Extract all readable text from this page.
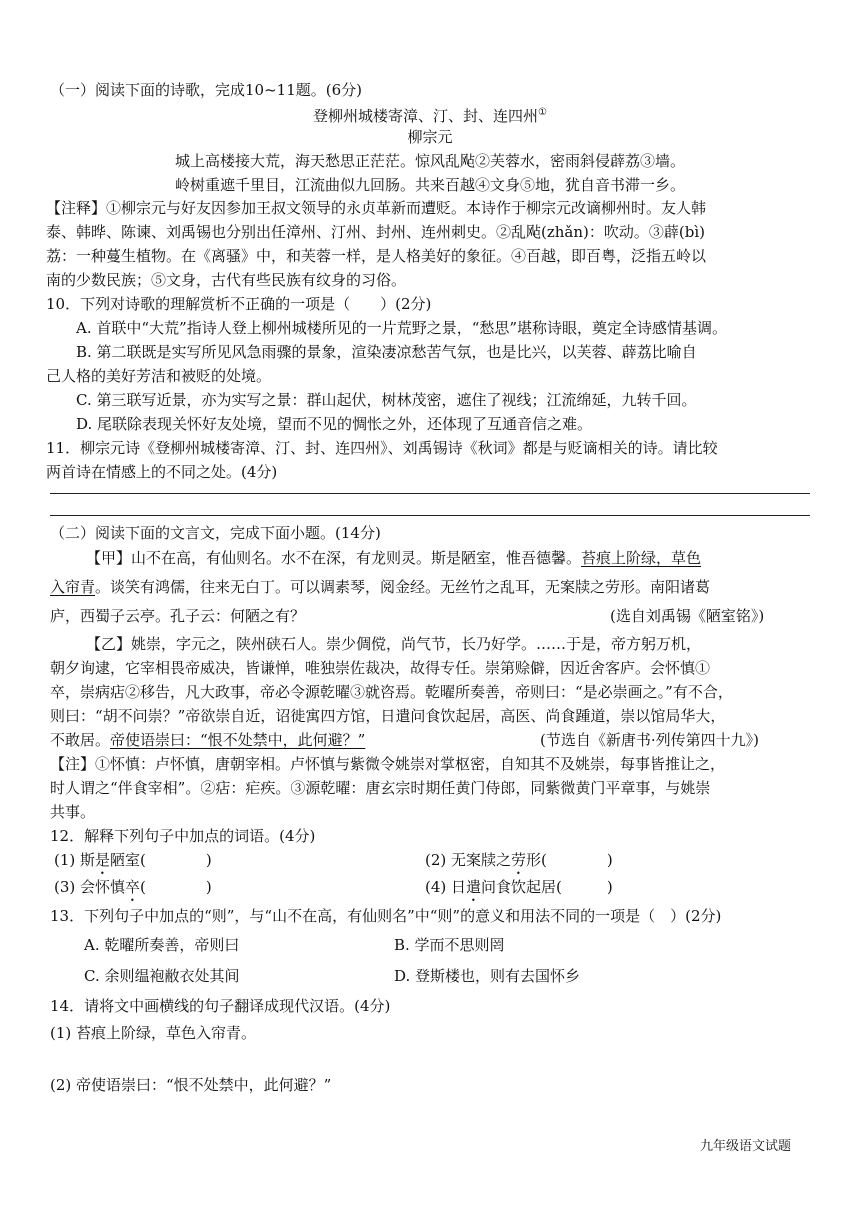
（一）阅读下面的诗歌，完成10~11题。(6分)
登柳州城楼寄漳、汀、封、连四州①
柳宗元
城上高楼接大荒，海天愁思正茫茫。惊风乱飐②芙蓉水，密雨斜侵薜荔③墙。
岭树重遮千里目，江流曲似九回肠。共来百越④文身⑤地，犹自音书滞一乡。
【注释】①柳宗元与好友因参加王叔文领导的永贞革新而遭贬。本诗作于柳宗元改谪柳州时。友人韩
泰、韩晔、陈谏、刘禹锡也分别出任漳州、汀州、封州、连州刺史。②乱飐(zhǎn)：吹动。③薜(bì)
荔：一种蔓生植物。在《离骚》中，和芙蓉一样，是人格美好的象征。④百越，即百粤，泛指五岭以
南的少数民族；⑤文身，古代有些民族有纹身的习俗。
10．下列对诗歌的理解赏析不正确的一项是（　　）(2分)
A. 首联中“大荒”指诗人登上柳州城楼所见的一片荒野之景，“愁思”堪称诗眼，奠定全诗感情基调。
B. 第二联既是实写所见风急雨骤的景象，渲染凄凉愁苦气氛，也是比兴，以芙蓉、薜荔比喻自
己人格的美好芳洁和被贬的处境。
C. 第三联写近景，亦为实写之景：群山起伏，树林茂密，遮住了视线；江流绵延，九转千回。
D. 尾联除表现关怀好友处境，望而不见的惆怅之外，还体现了互通音信之难。
11．柳宗元诗《登柳州城楼寄漳、汀、封、连四州》、刘禹锡诗《秋词》都是与贬谪相关的诗。请比较
两首诗在情感上的不同之处。(4分)
（二）阅读下面的文言文，完成下面小题。(14分)
【甲】山不在高，有仙则名。水不在深，有龙则灵。斯是陋室，惟吾德馨。苔痕上阶绿，草色
入帘青。谈笑有鸿儒，往来无白丁。可以调素琴，阅金经。无丝竹之乱耳，无案牍之劳形。南阳诸葛
庐，西蜀子云亭。孔子云：何陋之有？	(选自刘禹锡《陋室铭》)
【乙】姚崇，字元之，陕州硖石人。崇少倜傥，尚气节，长乃好学。……于是，帝方躬万机，
朝夕询逮，它宰相畏帝威决，皆谦惮，唯独崇佐裁决，故得专任。崇第赊僻，因近舍客庐。会怀慎①
卒，崇病痁②移告，凡大政事，帝必令源乾曜③就咨焉。乾曜所奏善，帝则曰：“是必崇画之。”有不合，
则曰：“胡不问崇？”帝欲崇自近，诏徙寓四方馆，日遣问食饮起居，高医、尚食踵道，崇以馆局华大，
不敢居。帝使语崇曰：“恨不处禁中，此何避？”	(节选自《新唐书·列传第四十九》)
【注】①怀慎：卢怀慎，唐朝宰相。卢怀慎与紫微令姚崇对掌枢密，自知其不及姚崇，每事皆推让之，
时人谓之“伴食宰相”。②痁：疟疾。③源乾曜：唐玄宗时期任黄门侍郎，同紫微黄门平章事，与姚崇
共事。
12．解释下列句子中加点的词语。(4分)
(1) 斯是陋室(　　　　)	(2) 无案牍之劳形(　　　　)
(3) 会怀慎卒(　　　　)	(4) 日遣问食饮起居(　　　)
13．下列句子中加点的“则”，与“山不在高，有仙则名”中“则”的意义和用法不同的一项是（　）(2分)
A. 乾曜所奏善，帝则曰	B. 学而不思则罔
C. 余则缊袍敝衣处其间	D. 登斯楼也，则有去国怀乡
14．请将文中画横线的句子翻译成现代汉语。(4分)
(1) 苔痕上阶绿，草色入帘青。
(2) 帝使语崇曰：“恨不处禁中，此何避？”
九年级语文试题
